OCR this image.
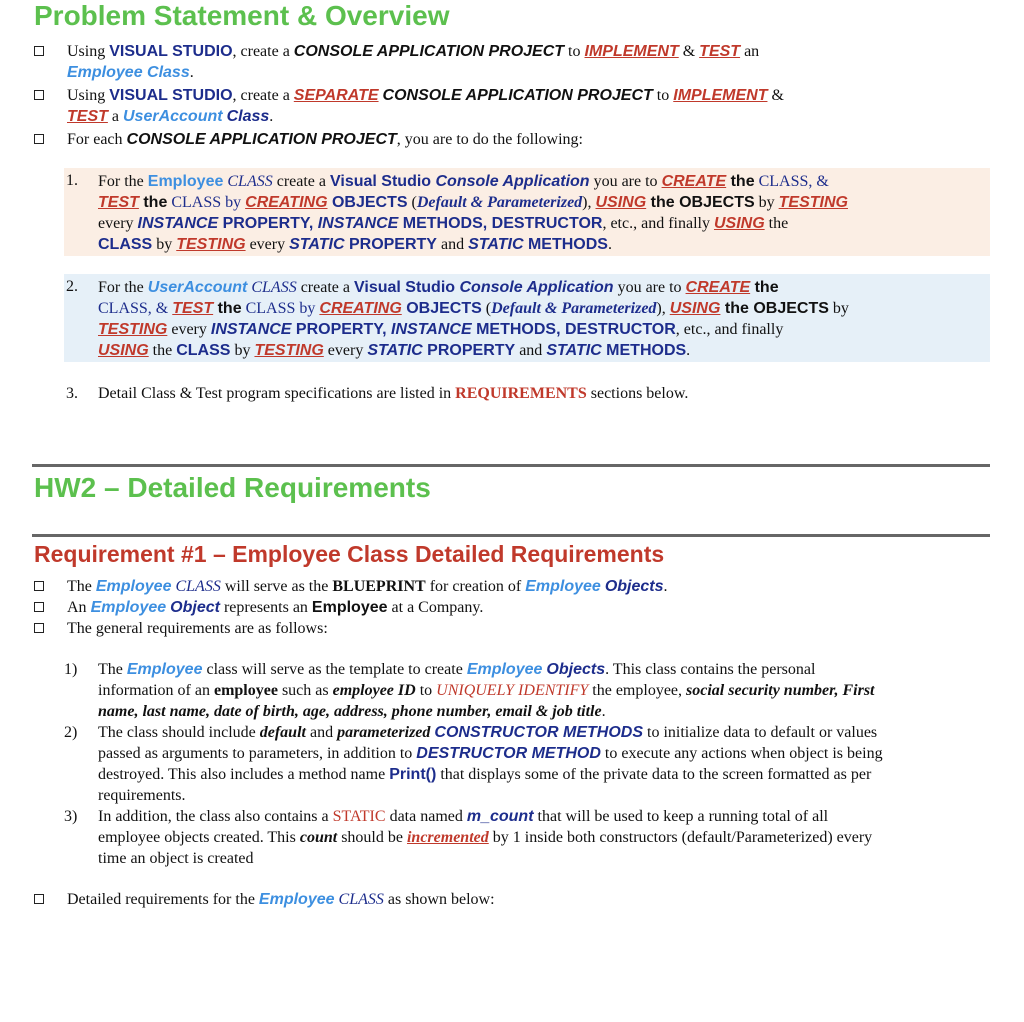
Problem Statement & Overview
Using VISUAL STUDIO, create a CONSOLE APPLICATION PROJECT to IMPLEMENT & TEST an
Employee Class.
Using VISUAL STUDIO, create a SEPARATE CONSOLE APPLICATION PROJECT to IMPLEMENT &
TEST a UserAccount Class.
For each CONSOLE APPLICATION PROJECT, you are to do the following:
1. For the Employee CLASS create a Visual Studio Console Application you are to CREATE the CLASS, &
TEST the CLASS by CREATING OBJECTS (Default & Parameterized), USING the OBJECTS by TESTING
every INSTANCE PROPERTY, INSTANCE METHODS, DESTRUCTOR, etc., and finally USING the
CLASS by TESTING every STATIC PROPERTY and STATIC METHODS.
2. For the UserAccount CLASS create a Visual Studio Console Application you are to CREATE the
CLASS, & TEST the CLASS by CREATING OBJECTS (Default & Parameterized), USING the OBJECTS by
TESTING every INSTANCE PROPERTY, INSTANCE METHODS, DESTRUCTOR, etc., and finally
USING the CLASS by TESTING every STATIC PROPERTY and STATIC METHODS.
3. Detail Class & Test program specifications are listed in REQUIREMENTS sections below.
HW2 – Detailed Requirements
Requirement #1 – Employee Class Detailed Requirements
The Employee CLASS will serve as the BLUEPRINT for creation of Employee Objects.
An Employee Object represents an Employee at a Company.
The general requirements are as follows:
1) The Employee class will serve as the template to create Employee Objects. This class contains the personal
information of an employee such as employee ID to UNIQUELY IDENTIFY the employee, social security number, First
name, last name, date of birth, age, address, phone number, email & job title.
2) The class should include default and parameterized CONSTRUCTOR METHODS to initialize data to default or values
passed as arguments to parameters, in addition to DESTRUCTOR METHOD to execute any actions when object is being
destroyed. This also includes a method name Print() that displays some of the private data to the screen formatted as per
requirements.
3) In addition, the class also contains a STATIC data named m_count that will be used to keep a running total of all
employee objects created. This count should be incremented by 1 inside both constructors (default/Parameterized) every
time an object is created
Detailed requirements for the Employee CLASS as shown below:
